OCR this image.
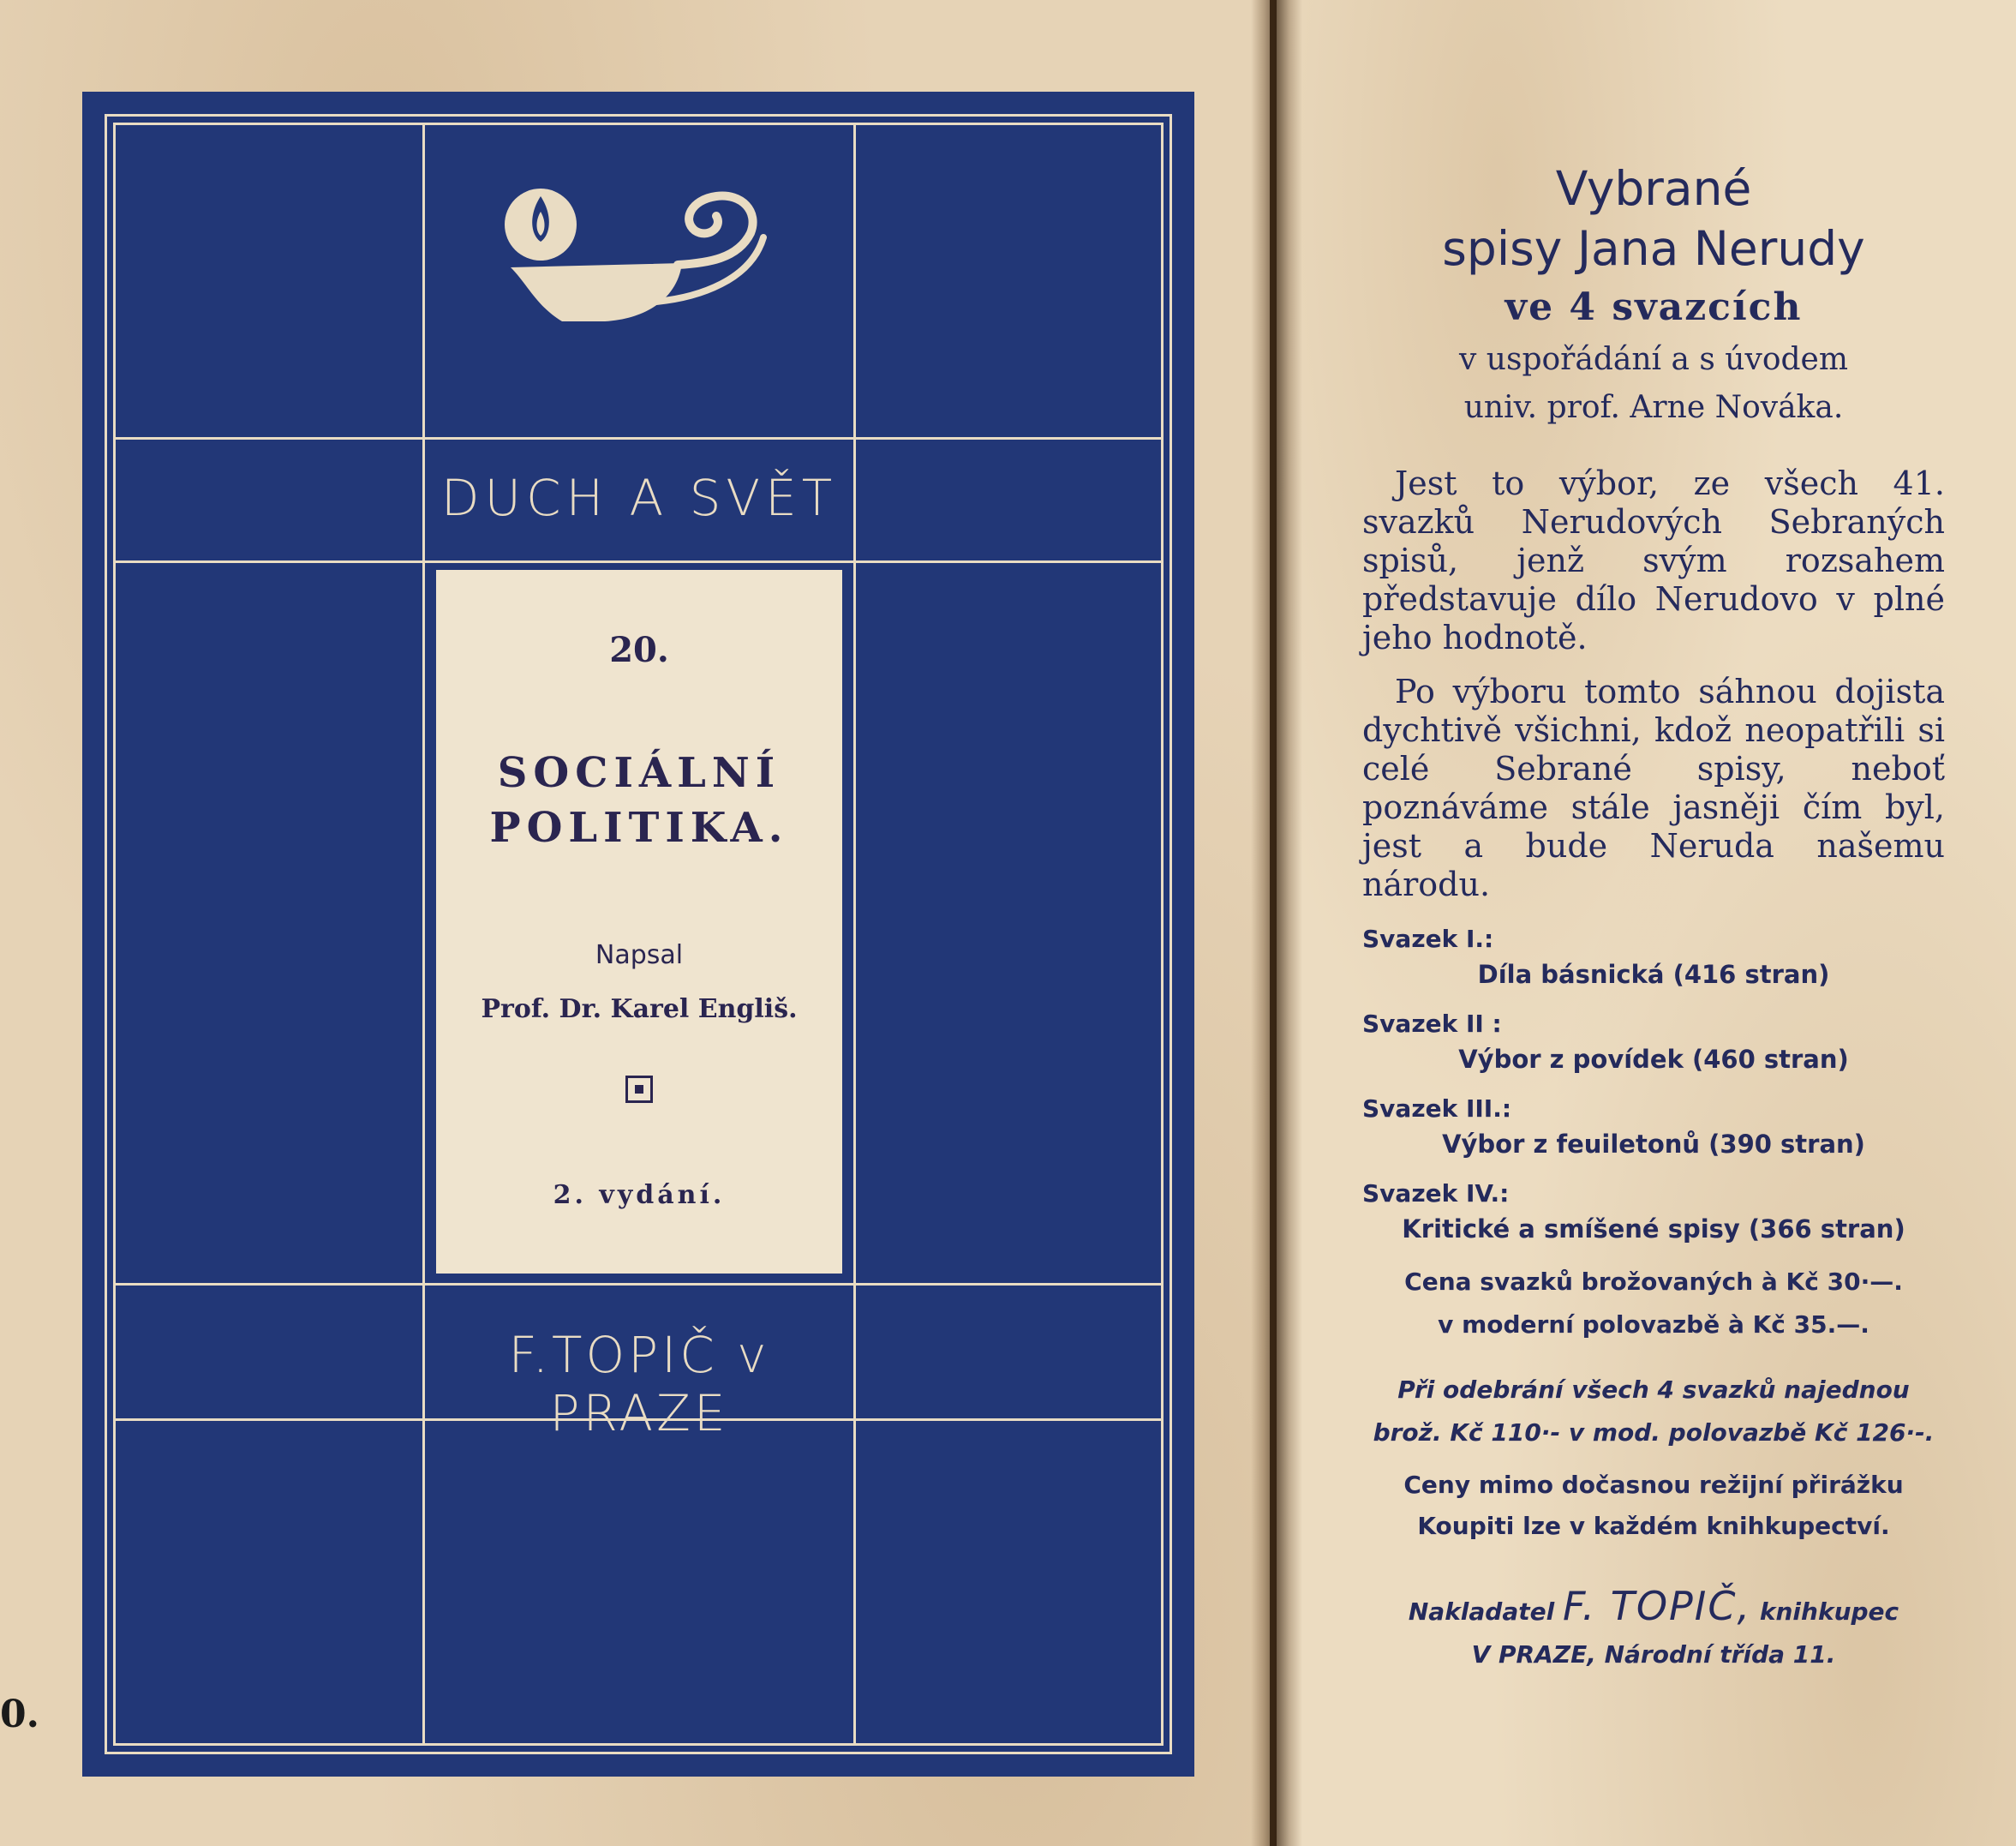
0.
DUCH A SVĚT
F.TOPIČ v PRAZE
20.
SOCIÁLNÍ
POLITIKA.
Napsal
Prof. Dr. Karel Engliš.
2. vydání.
Vybrané
spisy Jana Nerudy
ve 4 svazcích
v uspořádání a s úvodem
univ. prof. Arne Nováka.
Jest to výbor, ze všech 41. svazků Nerudových Sebraných spisů, jenž svým rozsahem představuje dílo Nerudovo v plné jeho hodnotě.
Po výboru tomto sáhnou dojista dychtivě všichni, kdož neopatřili si celé Sebrané spisy, neboť poznáváme stále jasněji čím byl, jest a bude Neruda našemu národu.
Svazek I.:
Díla básnická (416 stran)
Svazek II :
Výbor z povídek (460 stran)
Svazek III.:
Výbor z feuiletonů (390 stran)
Svazek IV.:
Kritické a smíšené spisy (366 stran)
Cena svazků brožovaných à Kč 30·—.
v moderní polovazbě à Kč 35.—.
Při odebrání všech 4 svazků najednou
brož. Kč 110·- v mod. polovazbě Kč 126·-.
Ceny mimo dočasnou režijní přirážku
Koupiti lze v každém knihkupectví.
Nakladatel F. TOPIČ, knihkupec
V PRAZE, Národní třída 11.
